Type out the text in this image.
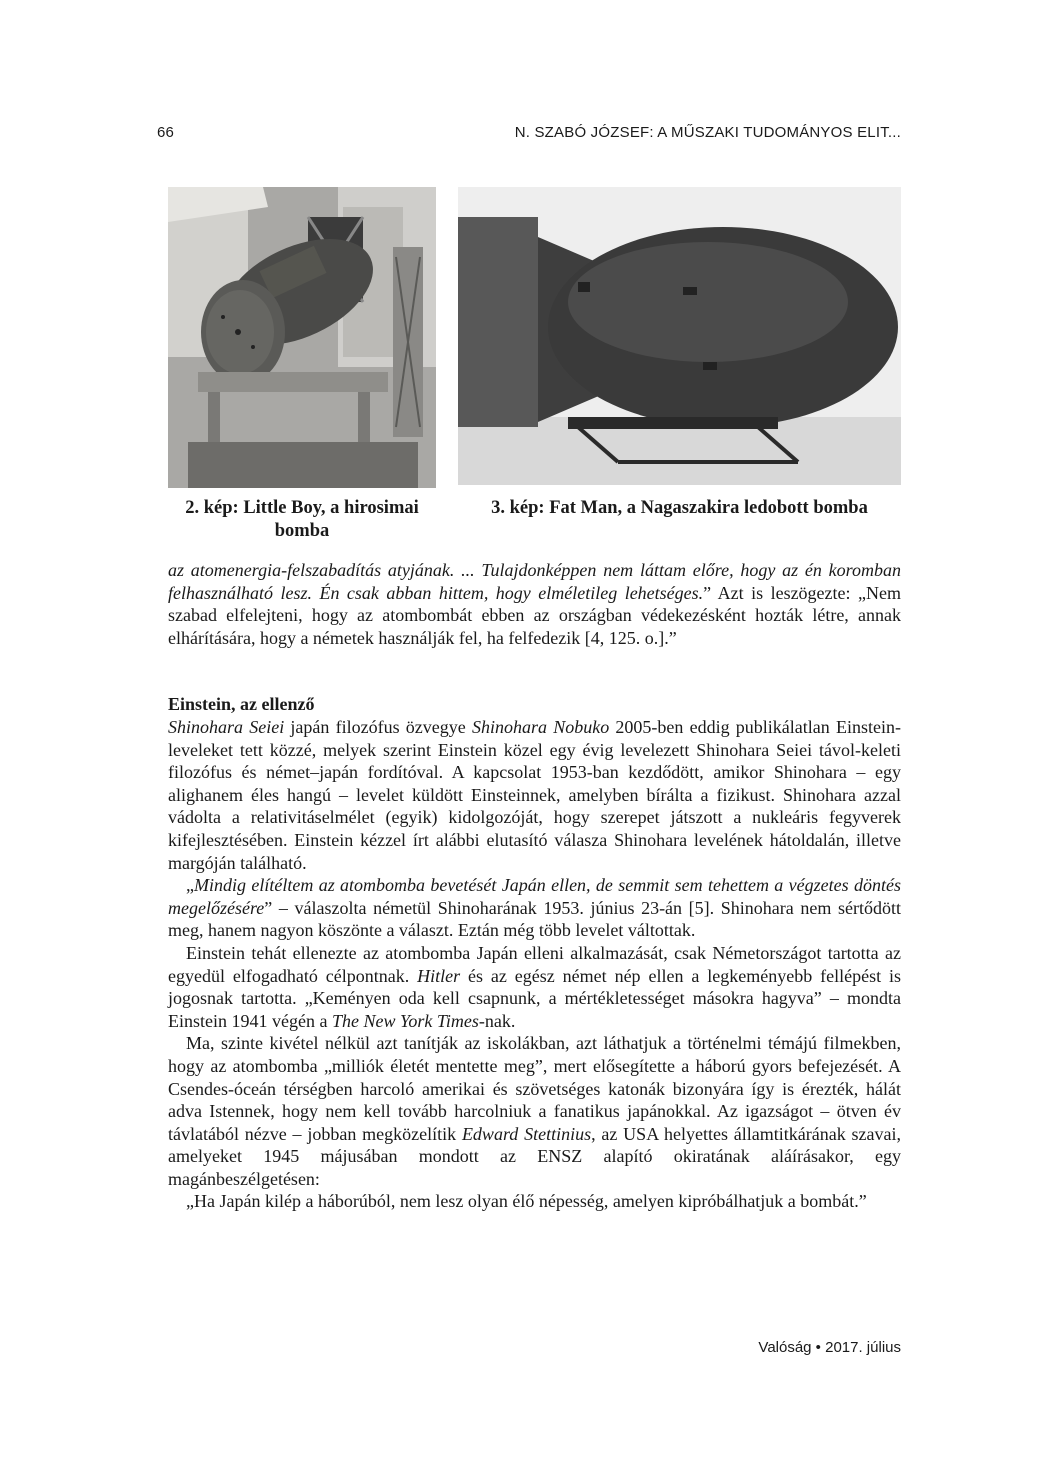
66	N. SZABÓ JÓZSEF: A MŰSZAKI TUDOMÁNYOS ELIT...
2. kép: Little Boy, a hirosimai bomba
3. kép: Fat Man, a Nagaszakira ledobott bomba

az atomenergia-felszabadítás atyjának. ... Tulajdonképpen nem láttam előre, hogy az én koromban felhasználható lesz. Én csak abban hittem, hogy elméletileg lehetséges.” Azt is leszögezte: „Nem szabad elfelejteni, hogy az atombombát ebben az országban védekezésként hozták létre, annak elhárítására, hogy a németek használják fel, ha felfedezik [4, 125. o.].”

Einstein, az ellenző

Shinohara Seiei japán filozófus özvegye Shinohara Nobuko 2005-ben eddig publikálatlan Einstein-leveleket tett közzé, melyek szerint Einstein közel egy évig levelezett Shinohara Seiei távol-keleti filozófus és német–japán fordítóval. A kapcsolat 1953-ban kezdődött, amikor Shinohara – egy alighanem éles hangú – levelet küldött Einsteinnek, amelyben bírálta a fizikust. Shinohara azzal vádolta a relativitáselmélet (egyik) kidolgozóját, hogy szerepet játszott a nukleáris fegyverek kifejlesztésében. Einstein kézzel írt alábbi elutasító válasza Shinohara levelének hátoldalán, illetve margóján található.

„Mindig elítéltem az atombomba bevetését Japán ellen, de semmit sem tehettem a végzetes döntés megelőzésére” – válaszolta németül Shinoharának 1953. június 23-án [5]. Shinohara nem sértődött meg, hanem nagyon köszönte a választ. Eztán még több levelet váltottak.

Einstein tehát ellenezte az atombomba Japán elleni alkalmazását, csak Németországot tartotta az egyedül elfogadható célpontnak. Hitler és az egész német nép ellen a legkeményebb fellépést is jogosnak tartotta. „Keményen oda kell csapnunk, a mértékletességet másokra hagyva” – mondta Einstein 1941 végén a The New York Times-nak.

Ma, szinte kivétel nélkül azt tanítják az iskolákban, azt láthatjuk a történelmi témájú filmekben, hogy az atombomba „milliók életét mentette meg”, mert elősegítette a háború gyors befejezését. A Csendes-óceán térségben harcoló amerikai és szövetséges katonák bizonyára így is érezték, hálát adva Istennek, hogy nem kell tovább harcolniuk a fanatikus japánokkal. Az igazságot – ötven év távlatából nézve – jobban megközelítik Edward Stettinius, az USA helyettes államtitkárának szavai, amelyeket 1945 májusában mondott az ENSZ alapító okiratának aláírásakor, egy magánbeszélgetésen:

„Ha Japán kilép a háborúból, nem lesz olyan élő népesség, amelyen kipróbálhatjuk a bombát.”

Valóság • 2017. július
